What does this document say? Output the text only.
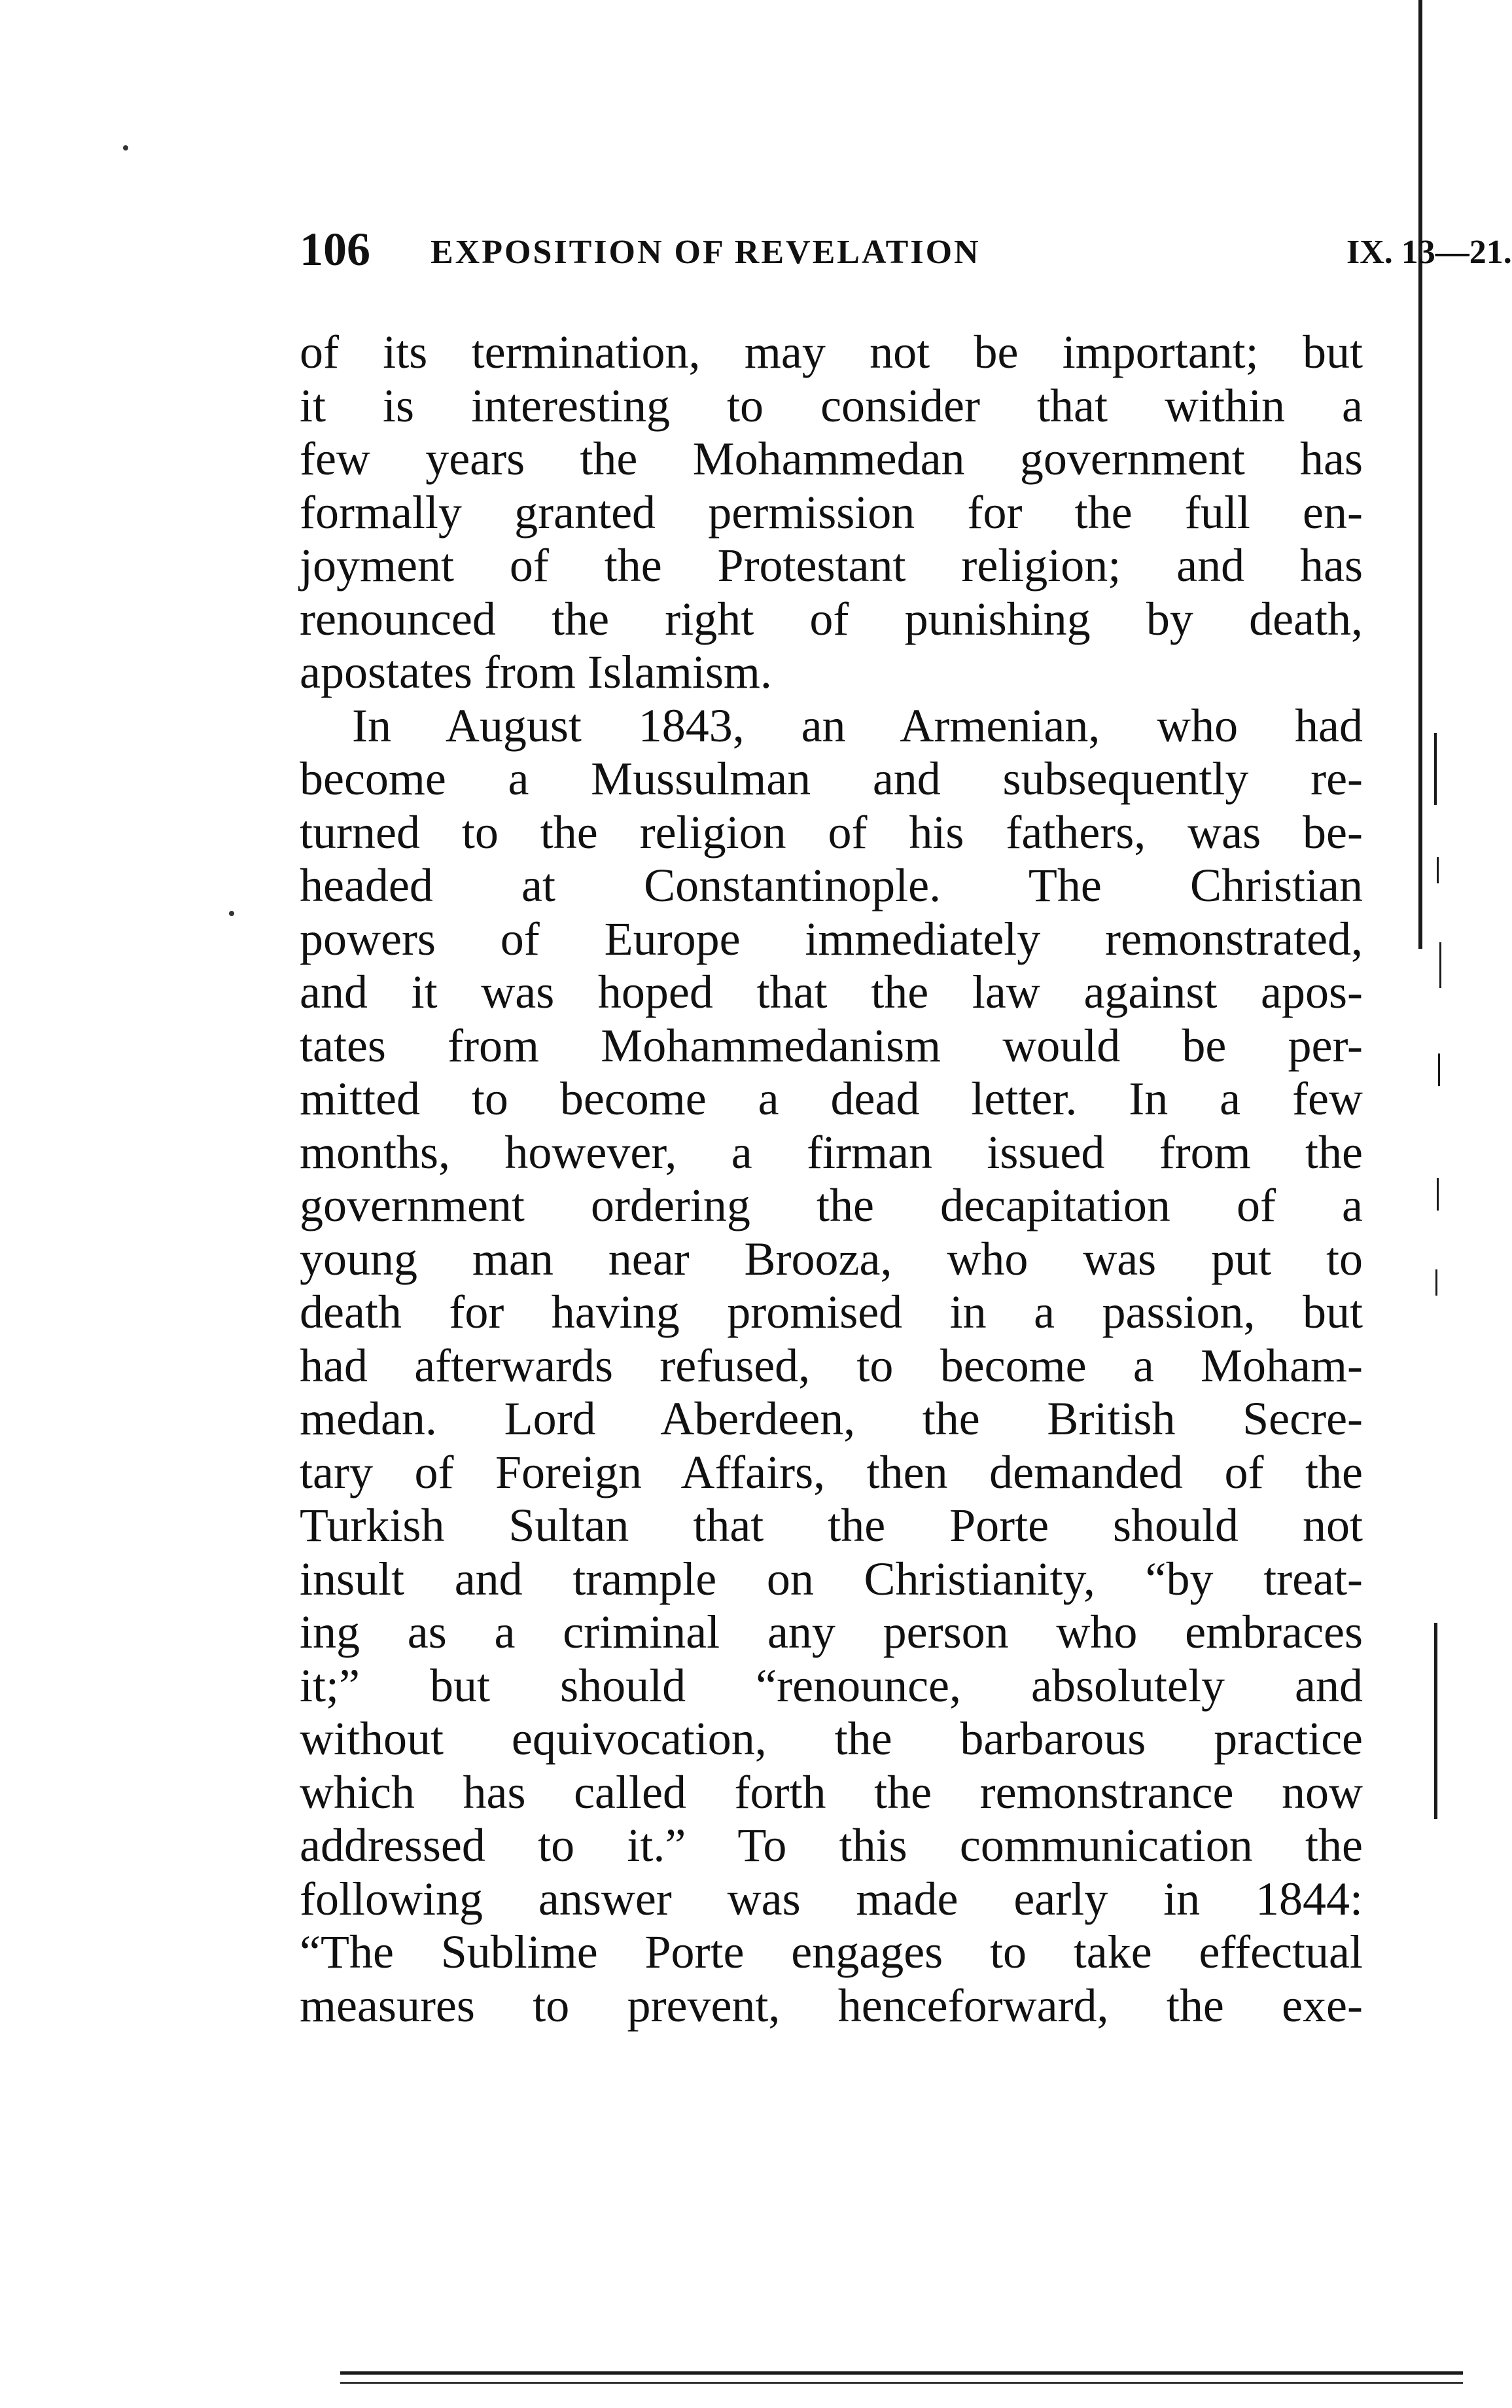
106 EXPOSITION OF REVELATION	IX. 13—21.
of its termination, may not be important; but
it is interesting to consider that within a
few years the Mohammedan government has
formally granted permission for the full en-
joyment of the Protestant religion; and has
renounced the right of punishing by death,
apostates from Islamism.
In August 1843, an Armenian, who had
become a Mussulman and subsequently re-
turned to the religion of his fathers, was be-
headed at Constantinople. The Christian
powers of Europe immediately remonstrated,
and it was hoped that the law against apos-
tates from Mohammedanism would be per-
mitted to become a dead letter. In a few
months, however, a firman issued from the
government ordering the decapitation of a
young man near Brooza, who was put to
death for having promised in a passion, but
had afterwards refused, to become a Moham-
medan. Lord Aberdeen, the British Secre-
tary of Foreign Affairs, then demanded of the
Turkish Sultan that the Porte should not
insult and trample on Christianity, “by treat-
ing as a criminal any person who embraces
it;” but should “renounce, absolutely and
without equivocation, the barbarous practice
which has called forth the remonstrance now
addressed to it.” To this communication the
following answer was made early in 1844:
“The Sublime Porte engages to take effectual
measures to prevent, henceforward, the exe-
